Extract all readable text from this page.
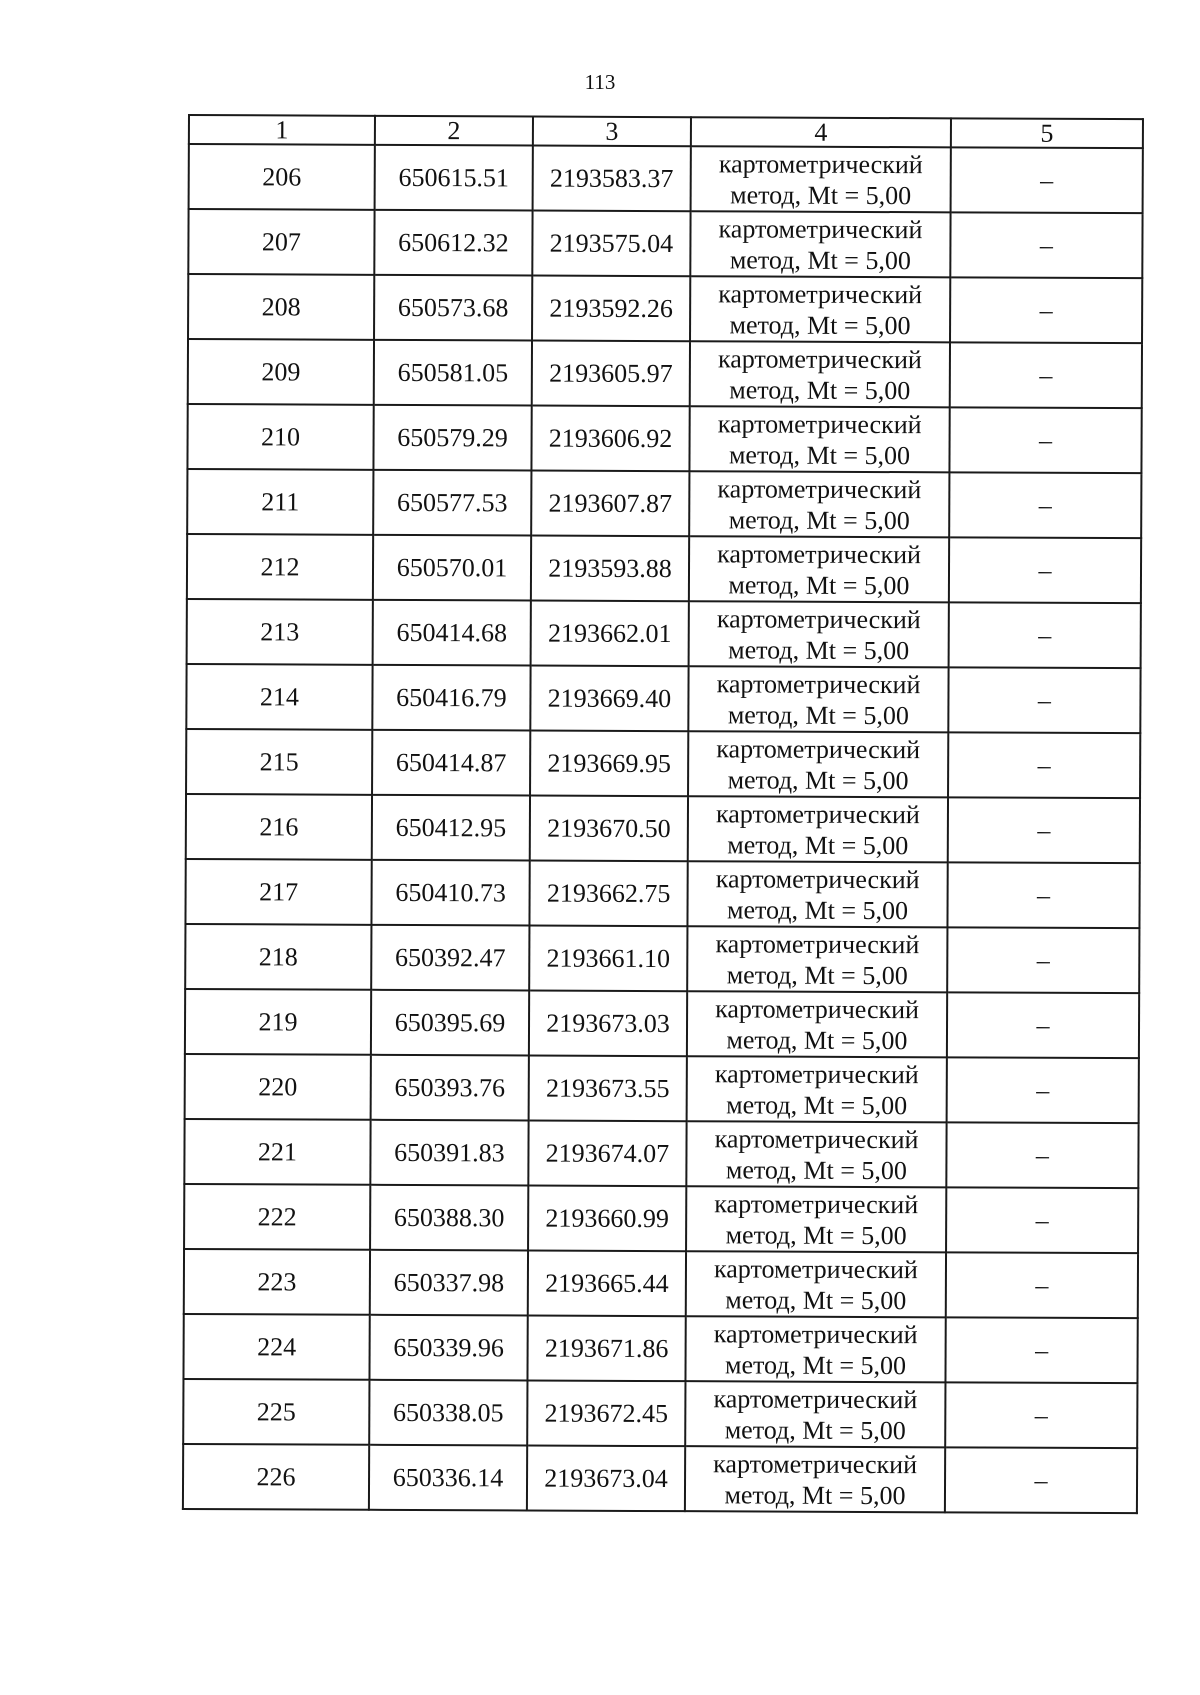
113
1	2	3	4	5
206	650615.51	2193583.37	картометрический
метод, Mt = 5,00	–
207	650612.32	2193575.04	картометрический
метод, Mt = 5,00	–
208	650573.68	2193592.26	картометрический
метод, Mt = 5,00	–
209	650581.05	2193605.97	картометрический
метод, Mt = 5,00	–
210	650579.29	2193606.92	картометрический
метод, Mt = 5,00	–
211	650577.53	2193607.87	картометрический
метод, Mt = 5,00	–
212	650570.01	2193593.88	картометрический
метод, Mt = 5,00	–
213	650414.68	2193662.01	картометрический
метод, Mt = 5,00	–
214	650416.79	2193669.40	картометрический
метод, Mt = 5,00	–
215	650414.87	2193669.95	картометрический
метод, Mt = 5,00	–
216	650412.95	2193670.50	картометрический
метод, Mt = 5,00	–
217	650410.73	2193662.75	картометрический
метод, Mt = 5,00	–
218	650392.47	2193661.10	картометрический
метод, Mt = 5,00	–
219	650395.69	2193673.03	картометрический
метод, Mt = 5,00	–
220	650393.76	2193673.55	картометрический
метод, Mt = 5,00	–
221	650391.83	2193674.07	картометрический
метод, Mt = 5,00	–
222	650388.30	2193660.99	картометрический
метод, Mt = 5,00	–
223	650337.98	2193665.44	картометрический
метод, Mt = 5,00	–
224	650339.96	2193671.86	картометрический
метод, Mt = 5,00	–
225	650338.05	2193672.45	картометрический
метод, Mt = 5,00	–
226	650336.14	2193673.04	картометрический
метод, Mt = 5,00	–
